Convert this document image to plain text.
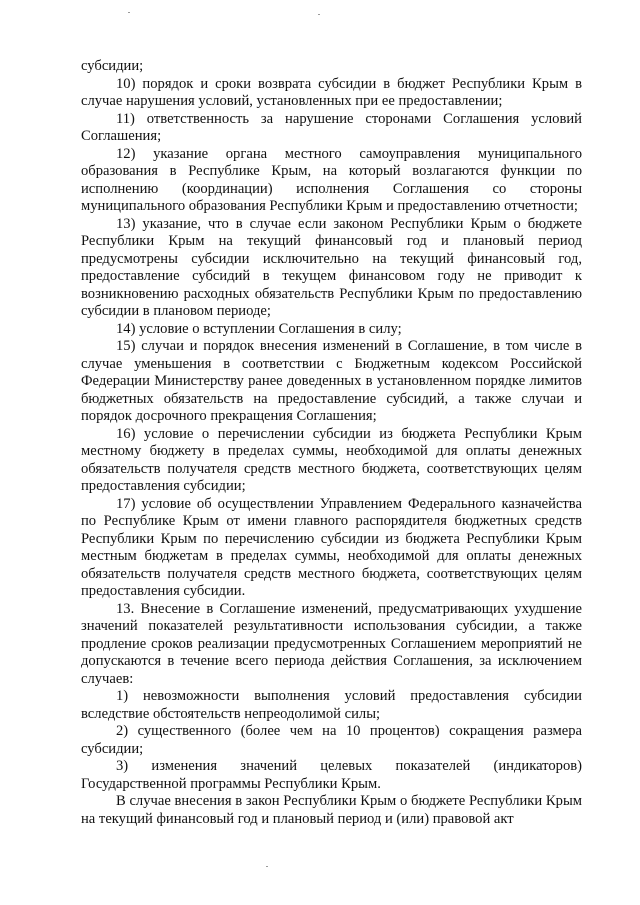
субсидии;

10) порядок и сроки возврата субсидии в бюджет Республики Крым в случае нарушения условий, установленных при ее предоставлении;

11) ответственность за нарушение сторонами Соглашения условий Соглашения;

12) указание органа местного самоуправления муниципального образования в Республике Крым, на который возлагаются функции по исполнению (координации) исполнения Соглашения со стороны муниципального образования Республики Крым и предоставлению отчетности;

13) указание, что в случае если законом Республики Крым о бюджете Республики Крым на текущий финансовый год и плановый период предусмотрены субсидии исключительно на текущий финансовый год, предоставление субсидий в текущем финансовом году не приводит к возникновению расходных обязательств Республики Крым по предоставлению субсидии в плановом периоде;

14) условие о вступлении Соглашения в силу;

15) случаи и порядок внесения изменений в Соглашение, в том числе в случае уменьшения в соответствии с Бюджетным кодексом Российской Федерации Министерству ранее доведенных в установленном порядке лимитов бюджетных обязательств на предоставление субсидий, а также случаи и порядок досрочного прекращения Соглашения;

16) условие о перечислении субсидии из бюджета Республики Крым местному бюджету в пределах суммы, необходимой для оплаты денежных обязательств получателя средств местного бюджета, соответствующих целям предоставления субсидии;

17) условие об осуществлении Управлением Федерального казначейства по Республике Крым от имени главного распорядителя бюджетных средств Республики Крым по перечислению субсидии из бюджета Республики Крым местным бюджетам в пределах суммы, необходимой для оплаты денежных обязательств получателя средств местного бюджета, соответствующих целям предоставления субсидии.

13. Внесение в Соглашение изменений, предусматривающих ухудшение значений показателей результативности использования субсидии, а также продление сроков реализации предусмотренных Соглашением мероприятий не допускаются в течение всего периода действия Соглашения, за исключением случаев:

1) невозможности выполнения условий предоставления субсидии вследствие обстоятельств непреодолимой силы;

2) существенного (более чем на 10 процентов) сокращения размера субсидии;

3) изменения значений целевых показателей (индикаторов) Государственной программы Республики Крым.

В случае внесения в закон Республики Крым о бюджете Республики Крым на текущий финансовый год и плановый период и (или) правовой акт
